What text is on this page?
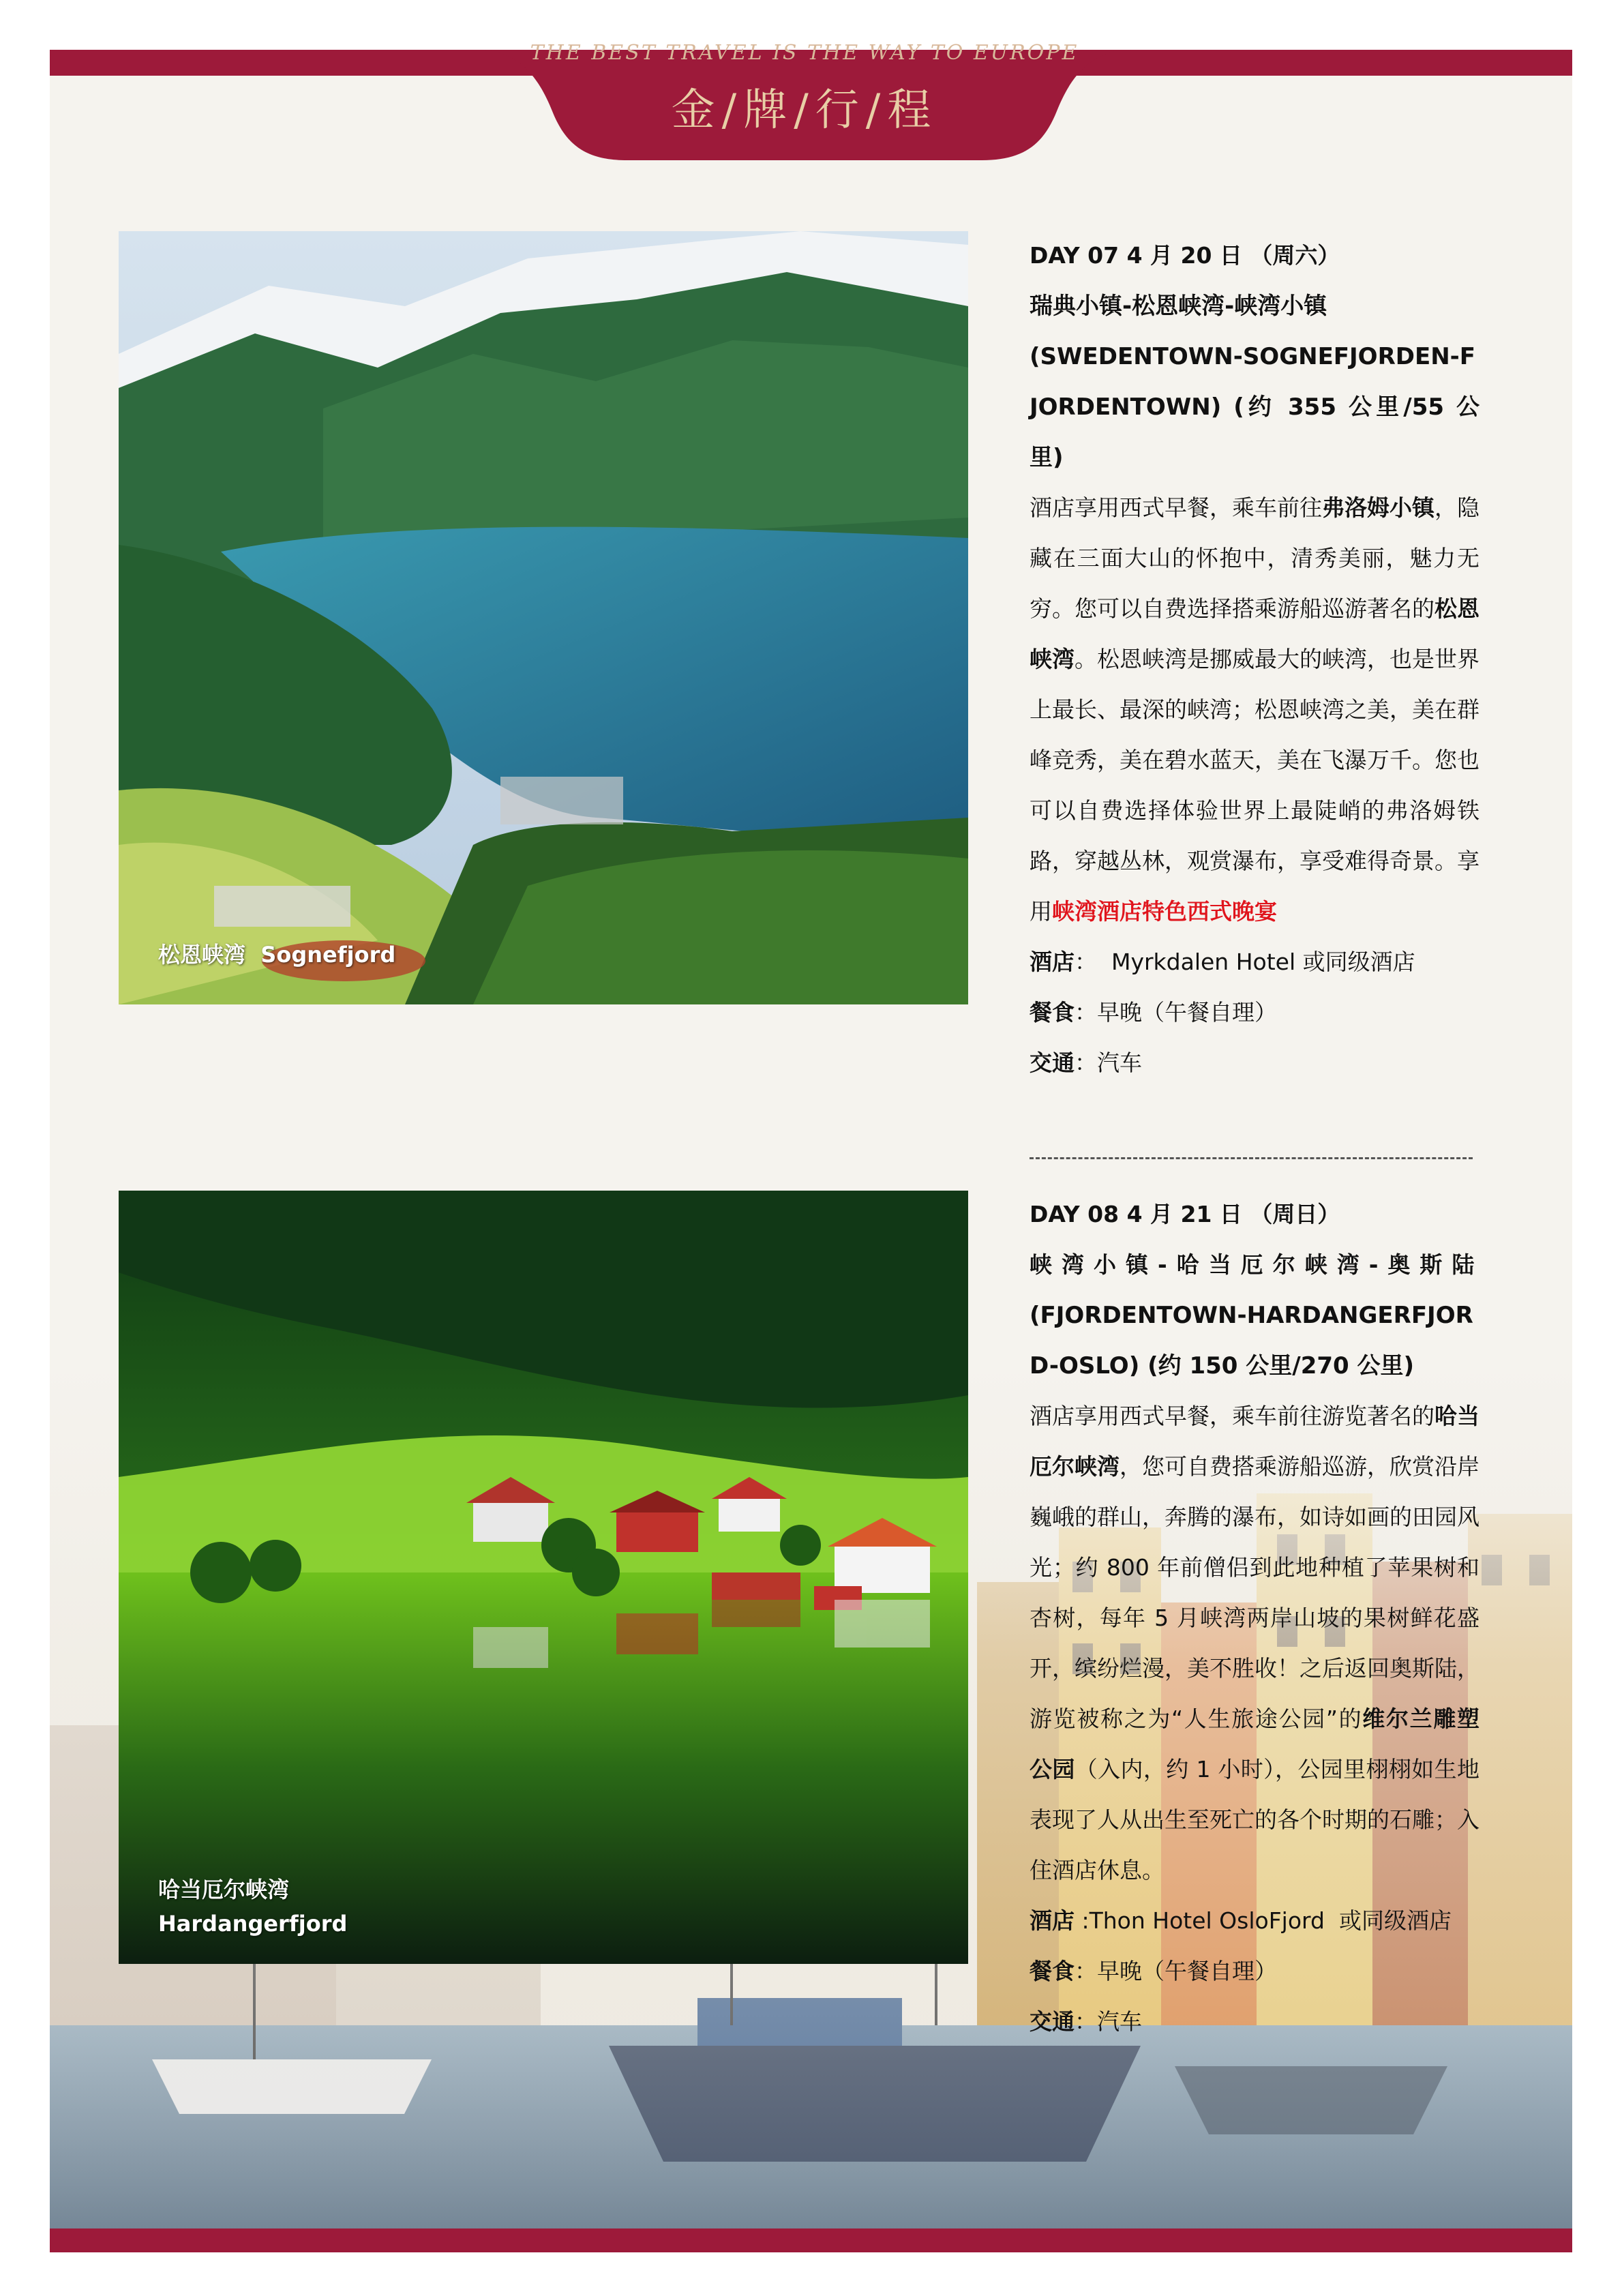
THE BEST TRAVEL IS THE WAY TO EUROPE
金/牌/行/程
松恩峡湾  Sognefjord

DAY 07 4 月 20 日 （周六）

瑞典小镇-松恩峡湾-峡湾小镇

(SWEDENTOWN-SOGNEFJORDEN-FJORDENTOWN) (约 355 公里/55 公里)

酒店享用西式早餐，乘车前往弗洛姆小镇，隐藏在三面大山的怀抱中，清秀美丽，魅力无穷。您可以自费选择搭乘游船巡游著名的松恩峡湾。松恩峡湾是挪威最大的峡湾，也是世界上最长、最深的峡湾；松恩峡湾之美，美在群峰竞秀，美在碧水蓝天，美在飞瀑万千。您也可以自费选择体验世界上最陡峭的弗洛姆铁路，穿越丛林，观赏瀑布，享受难得奇景。享用峡湾酒店特色西式晚宴

酒店：  Myrkdalen Hotel 或同级酒店

餐食：早晚（午餐自理）

交通：汽车

哈当厄尔峡湾
Hardangerfjord

DAY 08 4 月 21 日 （周日）

峡湾小镇-哈当厄尔峡湾-奥斯陆

(FJORDENTOWN-HARDANGERFJORD-OSLO) (约 150 公里/270 公里)

酒店享用西式早餐，乘车前往游览著名的哈当厄尔峡湾，您可自费搭乘游船巡游，欣赏沿岸巍峨的群山，奔腾的瀑布，如诗如画的田园风光；约 800 年前僧侣到此地种植了苹果树和杏树，每年 5 月峡湾两岸山坡的果树鲜花盛开，缤纷烂漫，美不胜收！之后返回奥斯陆，游览被称之为“人生旅途公园”的维尔兰雕塑公园（入内，约 1 小时），公园里栩栩如生地表现了人从出生至死亡的各个时期的石雕；入住酒店休息。

酒店 :Thon Hotel OsloFjord  或同级酒店

餐食：早晚（午餐自理）

交通：汽车
